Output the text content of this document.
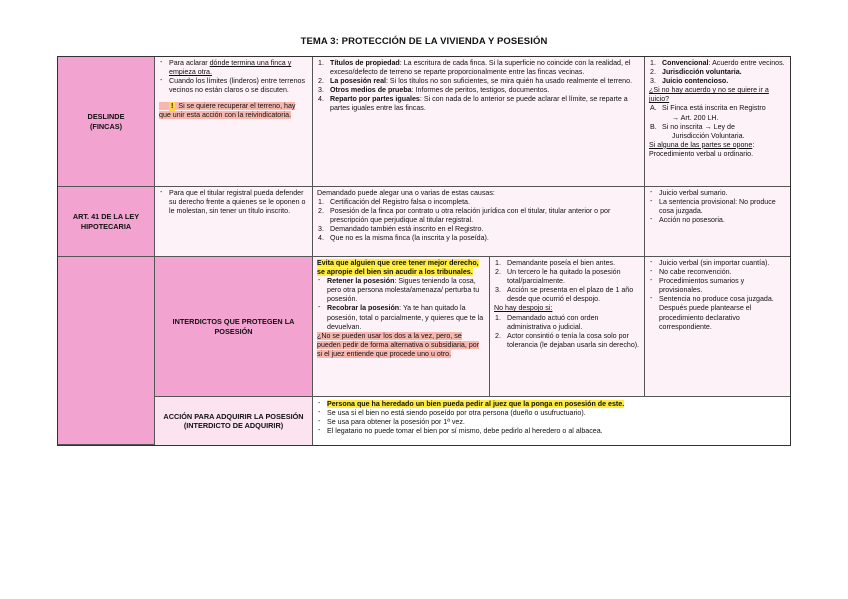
TEMA 3: PROTECCIÓN DE LA VIVIENDA Y POSESIÓN
DESLINDE
(FINCAS)
- Para aclarar dónde termina una finca y empieza otra.
- Cuando los límites (linderos) entre terrenos vecinos no están claros o se discuten.
! Si se quiere recuperar el terreno, hay que unir esta acción con la reivindicatoria.
1. Títulos de propiedad: La escritura de cada finca. Si la superficie no coincide con la realidad, el exceso/defecto de terreno se reparte proporcionalmente entre las fincas vecinas.
2. La posesión real: Si los títulos no son suficientes, se mira quién ha usado realmente el terreno.
3. Otros medios de prueba: Informes de peritos, testigos, documentos.
4. Reparto por partes iguales: Si con nada de lo anterior se puede aclarar el límite, se reparte a partes iguales entre las fincas.
1. Convencional: Acuerdo entre vecinos.
2. Jurisdicción voluntaria.
3. Juicio contencioso.
¿Si no hay acuerdo y no se quiere ir a juicio?
A. Si Finca está inscrita en Registro
→ Art. 200 LH.
B. Si no inscrita → Ley de
Jurisdicción Voluntaria.
Si alguna de las partes se opone: Procedimiento verbal u ordinario.
ART. 41 DE LA LEY HIPOTECARIA
- Para que el titular registral pueda defender su derecho frente a quienes se le oponen o le molestan, sin tener un título inscrito.
Demandado puede alegar una o varias de estas causas:
1. Certificación del Registro falsa o incompleta.
2. Posesión de la finca por contrato u otra relación jurídica con el titular, titular anterior o por prescripción que perjudique al titular registral.
3. Demandado también está inscrito en el Registro.
4. Que no es la misma finca (la inscrita y la poseída).
- Juicio verbal sumario.
- La sentencia provisional: No produce cosa juzgada.
- Acción no posesoria.
INTERDICTOS QUE PROTEGEN LA POSESIÓN
Evita que alguien que cree tener mejor derecho, se apropie del bien sin acudir a los tribunales.
- Retener la posesión: Sigues teniendo la cosa, pero otra persona molesta/amenaza/ perturba tu posesión.
- Recobrar la posesión: Ya te han quitado la posesión, total o parcialmente, y quieres que te la devuelvan.
¿No se pueden usar los dos a la vez, pero, se pueden pedir de forma alternativa o subsidiaria, por si el juez entiende que procede uno u otro.
1. Demandante poseía el bien antes.
2. Un tercero le ha quitado la posesión total/parcialmente.
3. Acción se presenta en el plazo de 1 año desde que ocurrió el despojo.
No hay despojo si:
1. Demandado actuó con orden administrativa o judicial.
2. Actor consintió o tenía la cosa solo por tolerancia (le dejaban usarla sin derecho).
- Juicio verbal (sin importar cuantía).
- No cabe reconvención.
- Procedimientos sumarios y provisionales.
- Sentencia no produce cosa juzgada. Después puede plantearse el procedimiento declarativo correspondiente.
ACCIÓN PARA ADQUIRIR LA POSESIÓN
(INTERDICTO DE ADQUIRIR)
- Persona que ha heredado un bien pueda pedir al juez que la ponga en posesión de este.
- Se usa si el bien no está siendo poseído por otra persona (dueño o usufructuario).
- Se usa para obtener la posesión por 1ª vez.
- El legatario no puede tomar el bien por sí mismo, debe pedirlo al heredero o al albacea.
